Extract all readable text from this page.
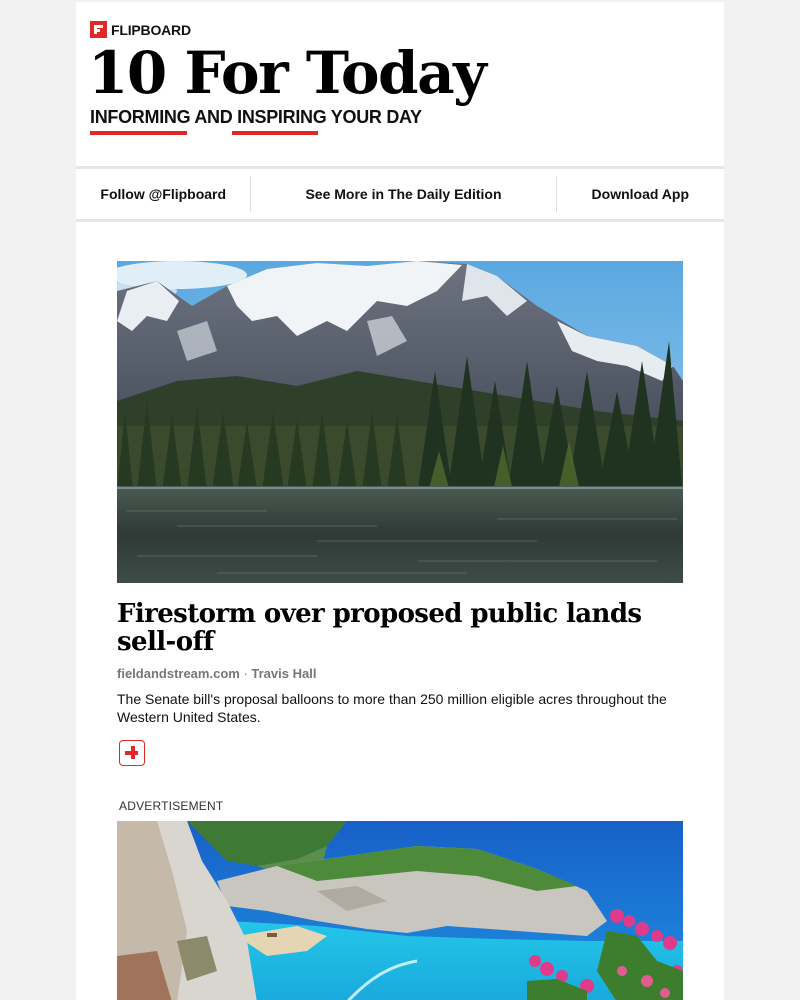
FLIPBOARD
10 For Today
INFORMING AND INSPIRING YOUR DAY
Follow @Flipboard	See More in The Daily Edition	Download App
Firestorm over proposed public lands sell-off
fieldandstream.com · Travis Hall
The Senate bill's proposal balloons to more than 250 million eligible acres throughout the Western United States.
ADVERTISEMENT
